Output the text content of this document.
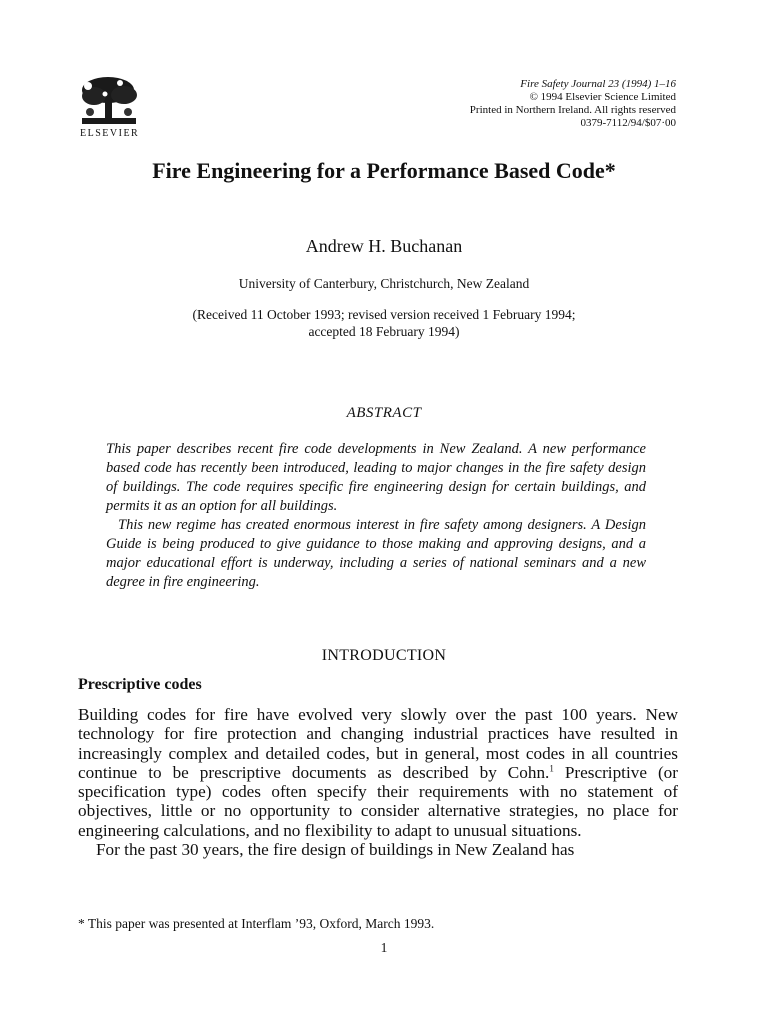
ELSEVIER
Fire Safety Journal 23 (1994) 1–16
© 1994 Elsevier Science Limited
Printed in Northern Ireland. All rights reserved
0379-7112/94/$07·00
Fire Engineering for a Performance Based Code*
Andrew H. Buchanan
University of Canterbury, Christchurch, New Zealand
(Received 11 October 1993; revised version received 1 February 1994;
accepted 18 February 1994)
ABSTRACT

This paper describes recent fire code developments in New Zealand. A new performance based code has recently been introduced, leading to major changes in the fire safety design of buildings. The code requires specific fire engineering design for certain buildings, and permits it as an option for all buildings.

This new regime has created enormous interest in fire safety among designers. A Design Guide is being produced to give guidance to those making and approving designs, and a major educational effort is underway, including a series of national seminars and a new degree in fire engineering.

INTRODUCTION
Prescriptive codes

Building codes for fire have evolved very slowly over the past 100 years. New technology for fire protection and changing industrial practices have resulted in increasingly complex and detailed codes, but in general, most codes in all countries continue to be prescriptive documents as described by Cohn.$^1$ Prescriptive (or specification type) codes often specify their requirements with no statement of objectives, little or no opportunity to consider alternative strategies, no place for engineering calculations, and no flexibility to adapt to unusual situations.

For the past 30 years, the fire design of buildings in New Zealand has

* This paper was presented at Interflam ’93, Oxford, March 1993.
1
